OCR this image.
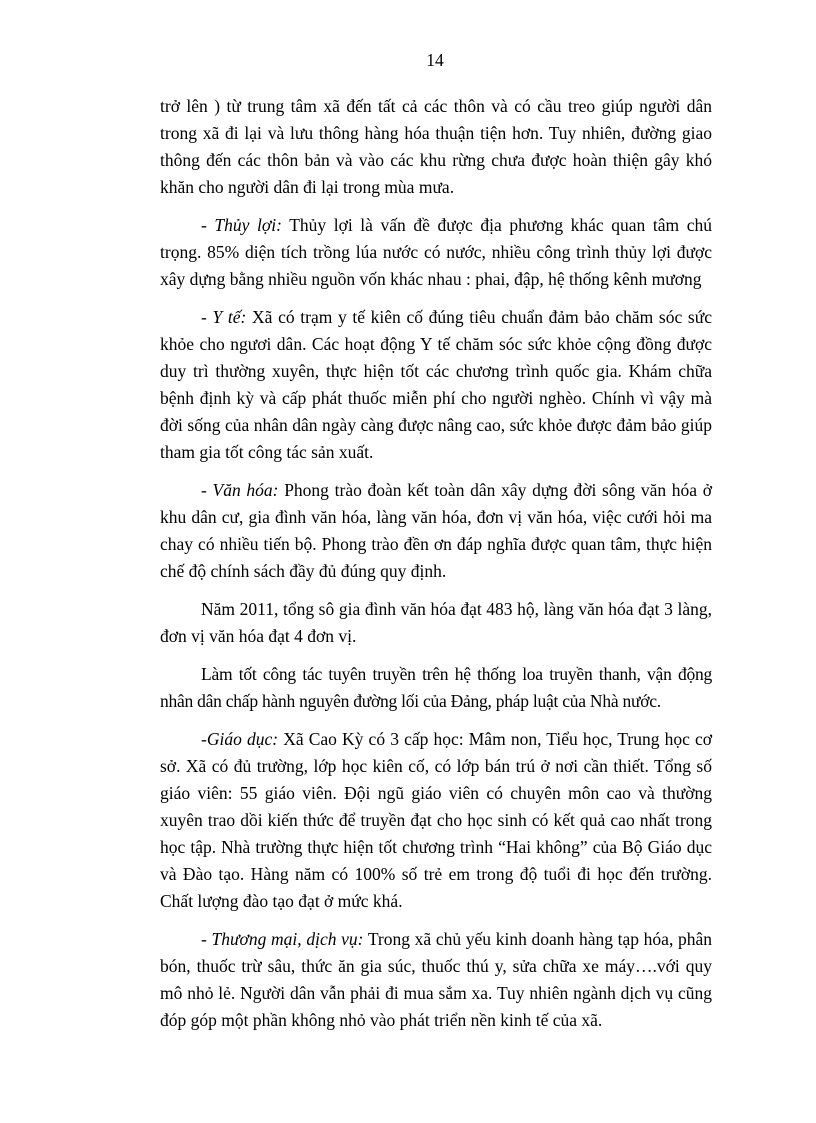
14

trở lên ) từ trung tâm xã đến tất cả các thôn và có cầu treo giúp người dân trong xã đi lại và lưu thông hàng hóa thuận tiện hơn. Tuy nhiên, đường giao thông đến các thôn bản và vào các khu rừng chưa được hoàn thiện gây khó khăn cho người dân đi lại trong mùa mưa.

- Thủy lợi: Thủy lợi là vấn đề được địa phương khác quan tâm chú trọng. 85% diện tích trồng lúa nước có nước, nhiều công trình thủy lợi được xây dựng bằng nhiều nguồn vốn khác nhau : phai, đập, hệ thống kênh mương

- Y tế: Xã có trạm y tế kiên cố đúng tiêu chuẩn đảm bảo chăm sóc sức khỏe cho ngươi dân. Các hoạt động Y tế chăm sóc sức khỏe cộng đồng được duy trì thường xuyên, thực hiện tốt các chương trình quốc gia. Khám chữa bệnh định kỳ và cấp phát thuốc miễn phí cho người nghèo. Chính vì vậy mà đời sống của nhân dân ngày càng được nâng cao, sức khỏe được đảm bảo giúp tham gia tốt công tác sản xuất.

- Văn hóa: Phong trào đoàn kết toàn dân xây dựng đời sông văn hóa ở khu dân cư, gia đình văn hóa, làng văn hóa, đơn vị văn hóa, việc cưới hỏi ma chay có nhiều tiến bộ. Phong trào đền ơn đáp nghĩa được quan tâm, thực hiện chế độ chính sách đầy đủ đúng quy định.

Năm 2011, tổng sô gia đình văn hóa đạt 483 hộ, làng văn hóa đạt 3 làng, đơn vị văn hóa đạt 4 đơn vị.

Làm tốt công tác tuyên truyền trên hệ thống loa truyền thanh, vận động nhân dân chấp hành nguyên đường lối của Đảng, pháp luật của Nhà nước.

-Giáo dục: Xã Cao Kỳ có 3 cấp học: Mâm non, Tiểu học, Trung học cơ sở. Xã có đủ trường, lớp học kiên cố, có lớp bán trú ở nơi cần thiết. Tổng số giáo viên: 55 giáo viên. Đội ngũ giáo viên có chuyên môn cao và thường xuyên trao dồi kiến thức để truyền đạt cho học sinh có kết quả cao nhất trong học tập. Nhà trường thực hiện tốt chương trình “Hai không” của Bộ Giáo dục và Đào tạo. Hàng năm có 100% số trẻ em trong độ tuổi đi học đến trường. Chất lượng đào tạo đạt ở mức khá.

- Thương mại, dịch vụ: Trong xã chủ yếu kinh doanh hàng tạp hóa, phân bón, thuốc trừ sâu, thức ăn gia súc, thuốc thú y, sửa chữa xe máy….với quy mô nhỏ lẻ. Người dân vẫn phải đi mua sắm xa. Tuy nhiên ngành dịch vụ cũng đóp góp một phần không nhỏ vào phát triển nền kinh tế của xã.
